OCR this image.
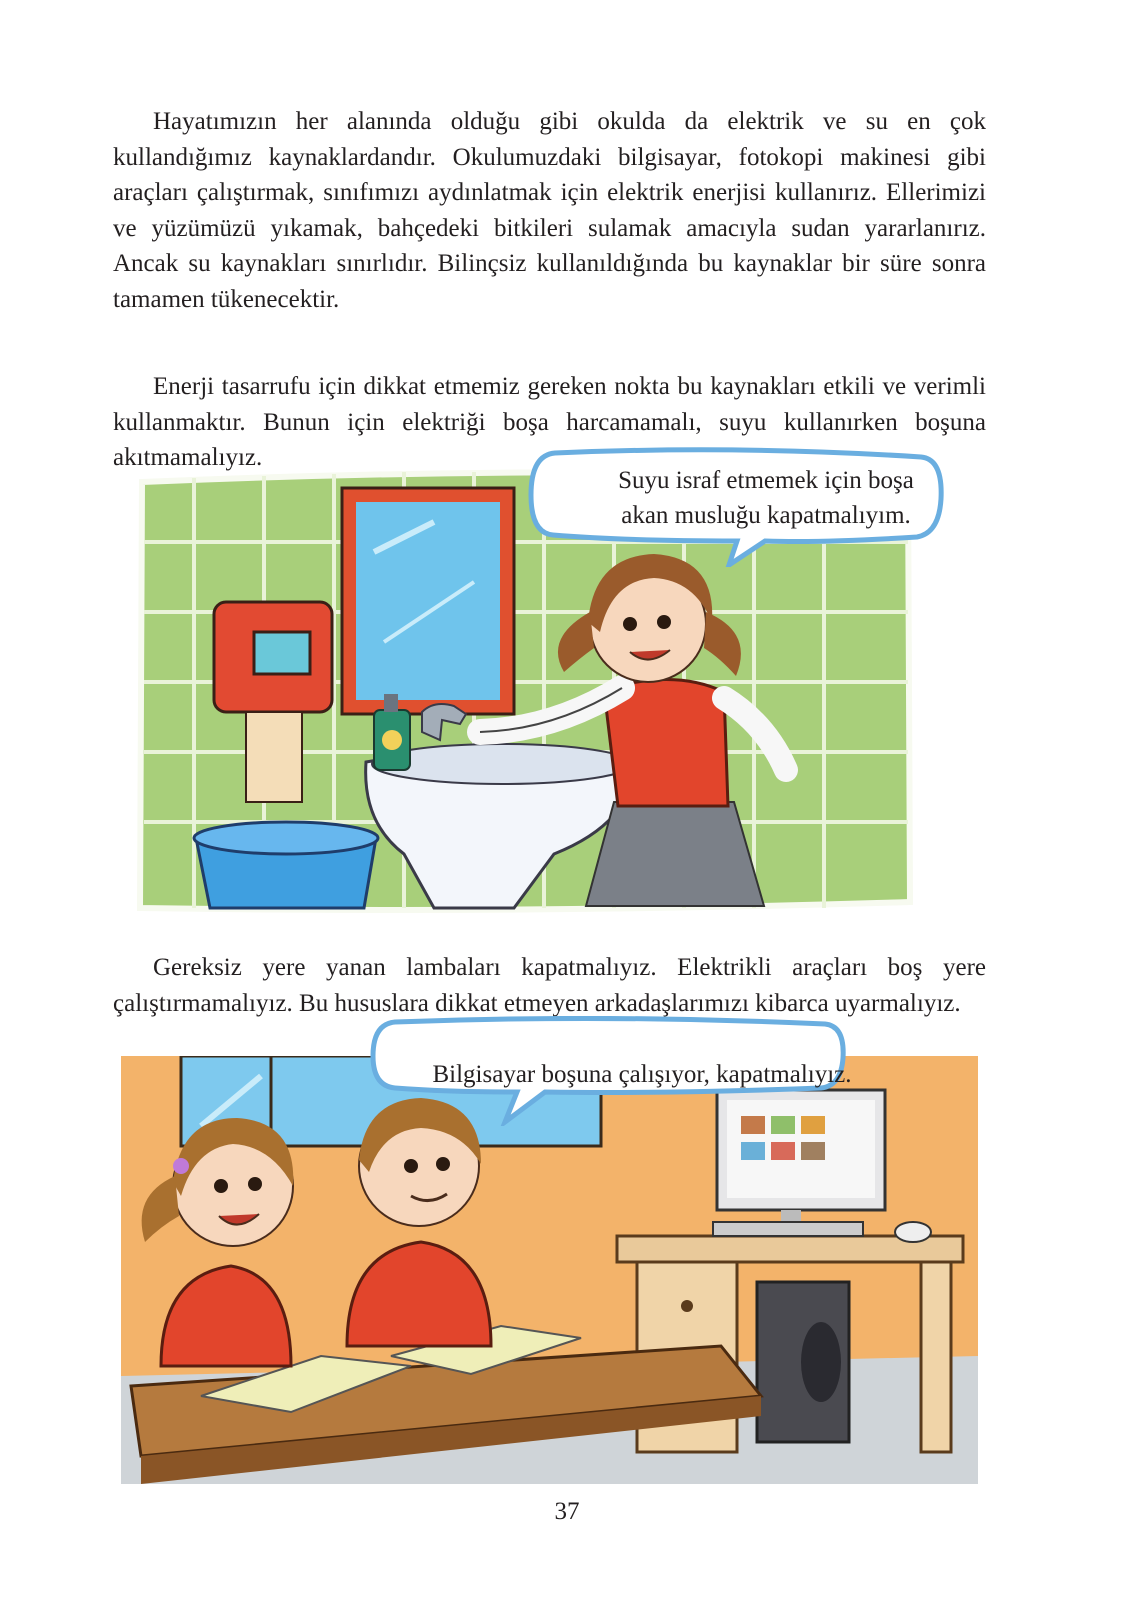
Hayatımızın her alanında olduğu gibi okulda da elektrik ve su en çok kullandığımız kaynaklardandır. Okulumuzdaki bilgisayar, fotokopi makinesi gibi araçları çalıştırmak, sınıfımızı aydınlatmak için elektrik enerjisi kullanırız. Ellerimizi ve yüzümüzü yıkamak, bahçedeki bitkileri sulamak amacıyla sudan yararlanırız. Ancak su kaynakları sınırlıdır. Bilinçsiz kullanıldığında bu kaynaklar bir süre sonra tamamen tükenecektir.

Enerji tasarrufu için dikkat etmemiz gereken nokta bu kaynakları etkili ve verimli kullanmaktır. Bunun için elektriği boşa harcamamalı, suyu kullanırken boşuna akıtmamalıyız.

Suyu israf etmemek için boşa
akan musluğu kapatmalıyım.

Gereksiz yere yanan lambaları kapatmalıyız. Elektrikli araçları boş yere çalıştırmamalıyız. Bu hususlara dikkat etmeyen arkadaşlarımızı kibarca uyarmalıyız.

Bilgisayar boşuna çalışıyor, kapatmalıyız.
37
